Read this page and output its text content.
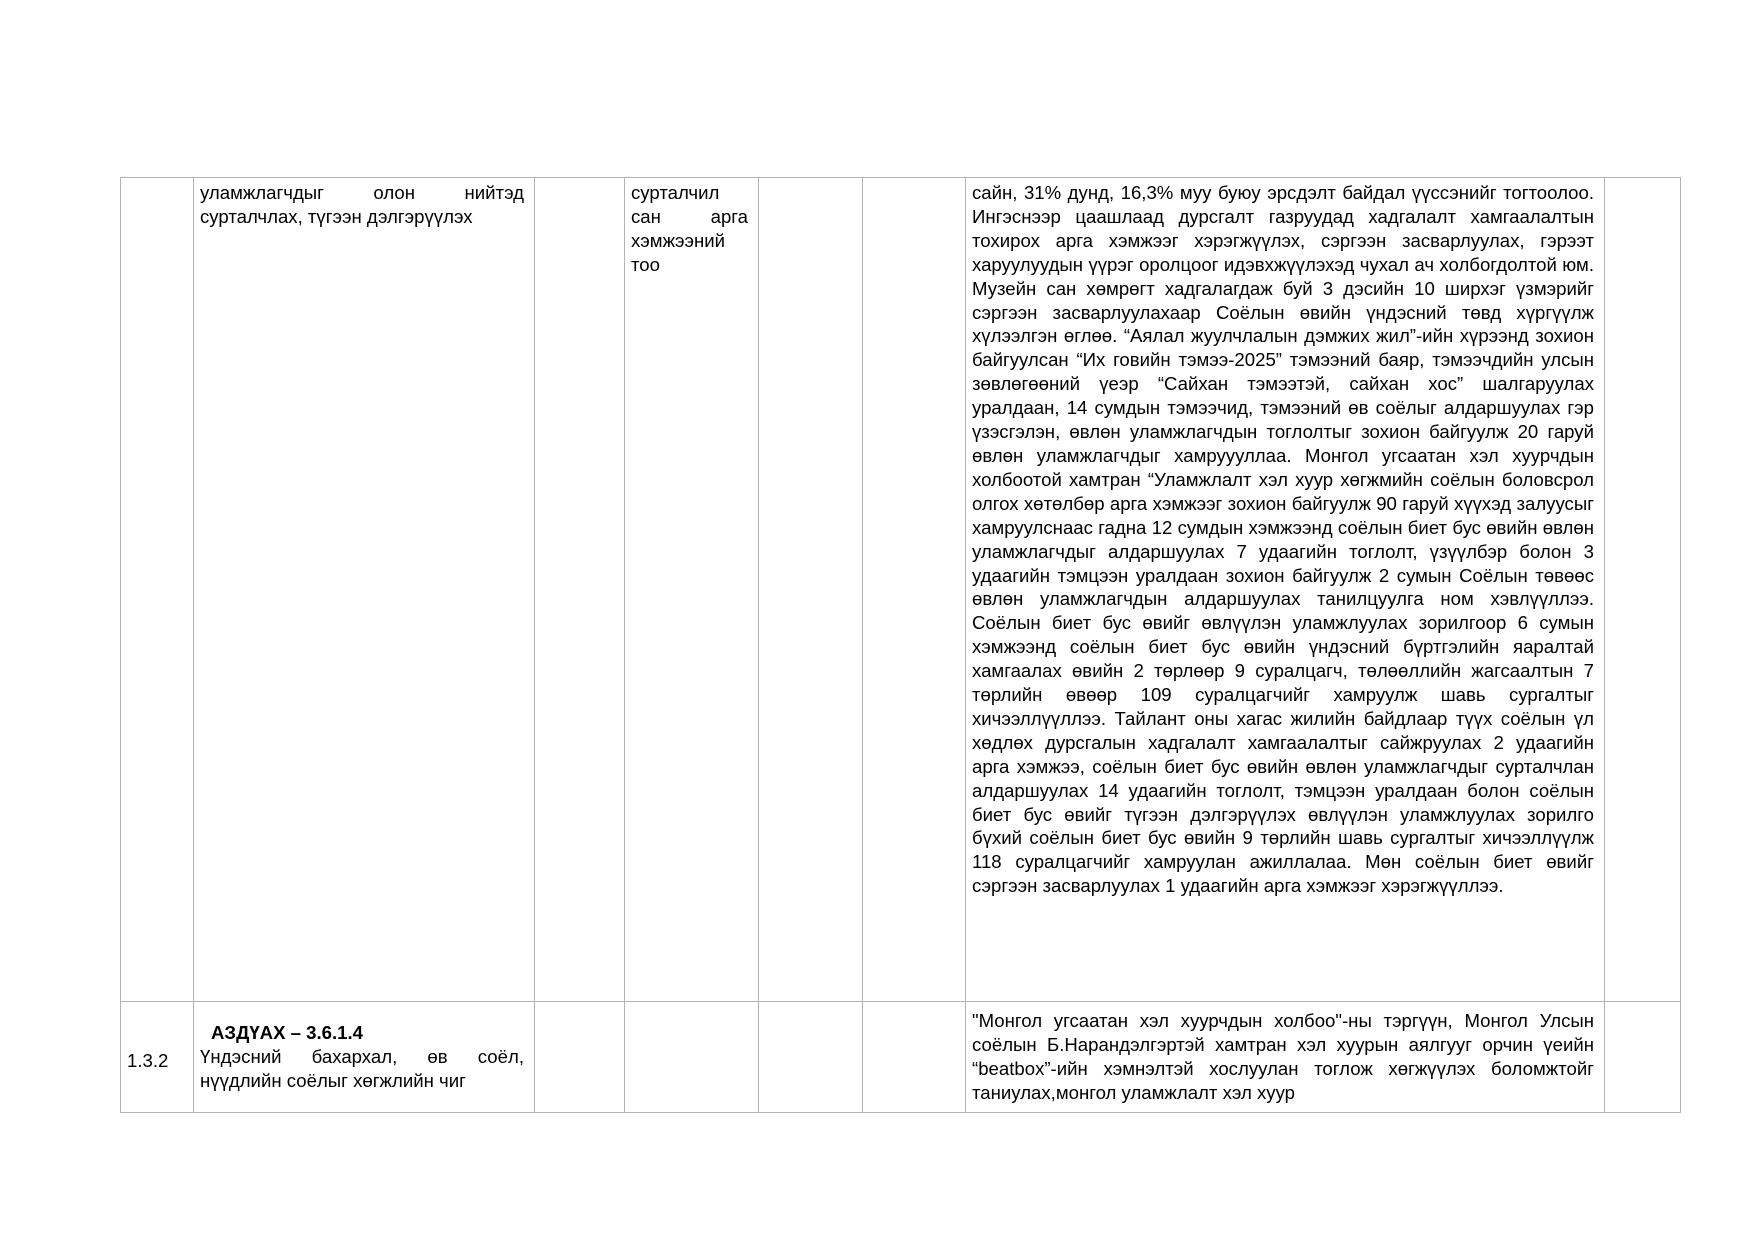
	уламжлагчдыг олон нийтэд сурталчлах, түгээн дэлгэрүүлэх		сурталчил сан арга хэмжээний тоо			сайн, 31% дунд, 16,3% муу буюу эрсдэлт байдал үүссэнийг тогтоолоо. Ингэснээр цаашлаад дурсгалт газруудад хадгалалт хамгаалалтын тохирох арга хэмжээг хэрэгжүүлэх, сэргээн засварлуулах, гэрээт харуулуудын үүрэг оролцоог идэвхжүүлэхэд чухал ач холбогдолтой юм. Музейн сан хөмрөгт хадгалагдаж буй 3 дэсийн 10 ширхэг үзмэрийг сэргээн засварлуулахаар Соёлын өвийн үндэсний төвд хүргүүлж хүлээлгэн өглөө. “Аялал жуулчлалын дэмжих жил”-ийн хүрээнд зохион байгуулсан “Их говийн тэмээ-2025” тэмээний баяр, тэмээчдийн улсын зөвлөгөөний үеэр “Сайхан тэмээтэй, сайхан хос” шалгаруулах уралдаан, 14 сумдын тэмээчид, тэмээний өв соёлыг алдаршуулах гэр үзэсгэлэн, өвлөн уламжлагчдын тоглолтыг зохион байгуулж 20 гаруй өвлөн уламжлагчдыг хамруууллаа. Монгол угсаатан хэл хуурчдын холбоотой хамтран “Уламжлалт хэл хуур хөгжмийн соёлын боловсрол олгох хөтөлбөр арга хэмжээг зохион байгуулж 90 гаруй хүүхэд залуусыг хамруулснаас гадна 12 сумдын хэмжээнд соёлын биет бус өвийн өвлөн уламжлагчдыг алдаршуулах 7 удаагийн тоглолт, үзүүлбэр болон 3 удаагийн тэмцээн уралдаан зохион байгуулж 2 сумын Соёлын төвөөс өвлөн уламжлагчдын алдаршуулах танилцуулга ном хэвлүүллээ. Соёлын биет бус өвийг өвлүүлэн уламжлуулах зорилгоор 6 сумын хэмжээнд соёлын биет бус өвийн үндэсний бүртгэлийн яаралтай хамгаалах өвийн 2 төрлөөр 9 суралцагч, төлөөллийн жагсаалтын 7 төрлийн өвөөр 109 суралцагчийг хамруулж шавь сургалтыг хичээллүүллээ. Тайлант оны хагас жилийн байдлаар түүх соёлын үл хөдлөх дурсгалын хадгалалт хамгаалалтыг сайжруулах 2 удаагийн арга хэмжээ, соёлын биет бус өвийн өвлөн уламжлагчдыг сурталчлан алдаршуулах 14 удаагийн тоглолт, тэмцээн уралдаан болон соёлын биет бус өвийг түгээн дэлгэрүүлэх өвлүүлэн уламжлуулах зорилго бүхий соёлын биет бус өвийн 9 төрлийн шавь сургалтыг хичээллүүлж 118 суралцагчийг хамруулан ажиллалаа. Мөн соёлын биет өвийг сэргээн засварлуулах 1 удаагийн арга хэмжээг хэрэгжүүллээ.	
1.3.2	АЗДҮАХ – 3.6.1.4
Үндэсний бахархал, өв соёл, нүүдлийн соёлыг хөгжлийн чиг					"Монгол угсаатан хэл хуурчдын холбоо"-ны тэргүүн, Монгол Улсын соёлын Б.Нарандэлгэртэй хамтран хэл хуурын аялгууг орчин үеийн “beatbox”-ийн хэмнэлтэй хослуулан тоглож хөгжүүлэх боломжтойг таниулах,монгол уламжлалт хэл хуур	
